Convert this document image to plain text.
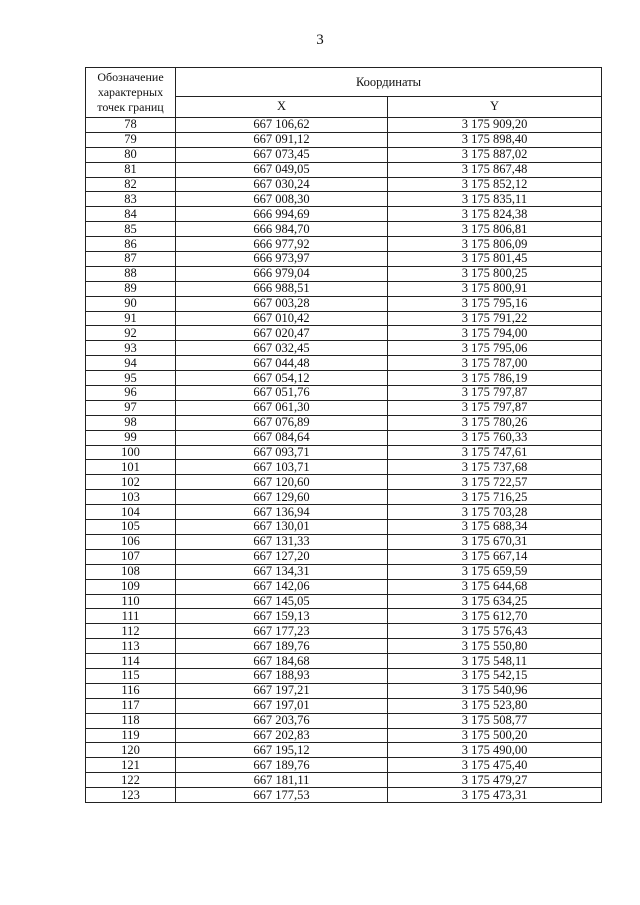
3
Обозначение характерных точек границ	Координаты	
	X	Y
78	667 106,62	3 175 909,20
79	667 091,12	3 175 898,40
80	667 073,45	3 175 887,02
81	667 049,05	3 175 867,48
82	667 030,24	3 175 852,12
83	667 008,30	3 175 835,11
84	666 994,69	3 175 824,38
85	666 984,70	3 175 806,81
86	666 977,92	3 175 806,09
87	666 973,97	3 175 801,45
88	666 979,04	3 175 800,25
89	666 988,51	3 175 800,91
90	667 003,28	3 175 795,16
91	667 010,42	3 175 791,22
92	667 020,47	3 175 794,00
93	667 032,45	3 175 795,06
94	667 044,48	3 175 787,00
95	667 054,12	3 175 786,19
96	667 051,76	3 175 797,87
97	667 061,30	3 175 797,87
98	667 076,89	3 175 780,26
99	667 084,64	3 175 760,33
100	667 093,71	3 175 747,61
101	667 103,71	3 175 737,68
102	667 120,60	3 175 722,57
103	667 129,60	3 175 716,25
104	667 136,94	3 175 703,28
105	667 130,01	3 175 688,34
106	667 131,33	3 175 670,31
107	667 127,20	3 175 667,14
108	667 134,31	3 175 659,59
109	667 142,06	3 175 644,68
110	667 145,05	3 175 634,25
111	667 159,13	3 175 612,70
112	667 177,23	3 175 576,43
113	667 189,76	3 175 550,80
114	667 184,68	3 175 548,11
115	667 188,93	3 175 542,15
116	667 197,21	3 175 540,96
117	667 197,01	3 175 523,80
118	667 203,76	3 175 508,77
119	667 202,83	3 175 500,20
120	667 195,12	3 175 490,00
121	667 189,76	3 175 475,40
122	667 181,11	3 175 479,27
123	667 177,53	3 175 473,31
